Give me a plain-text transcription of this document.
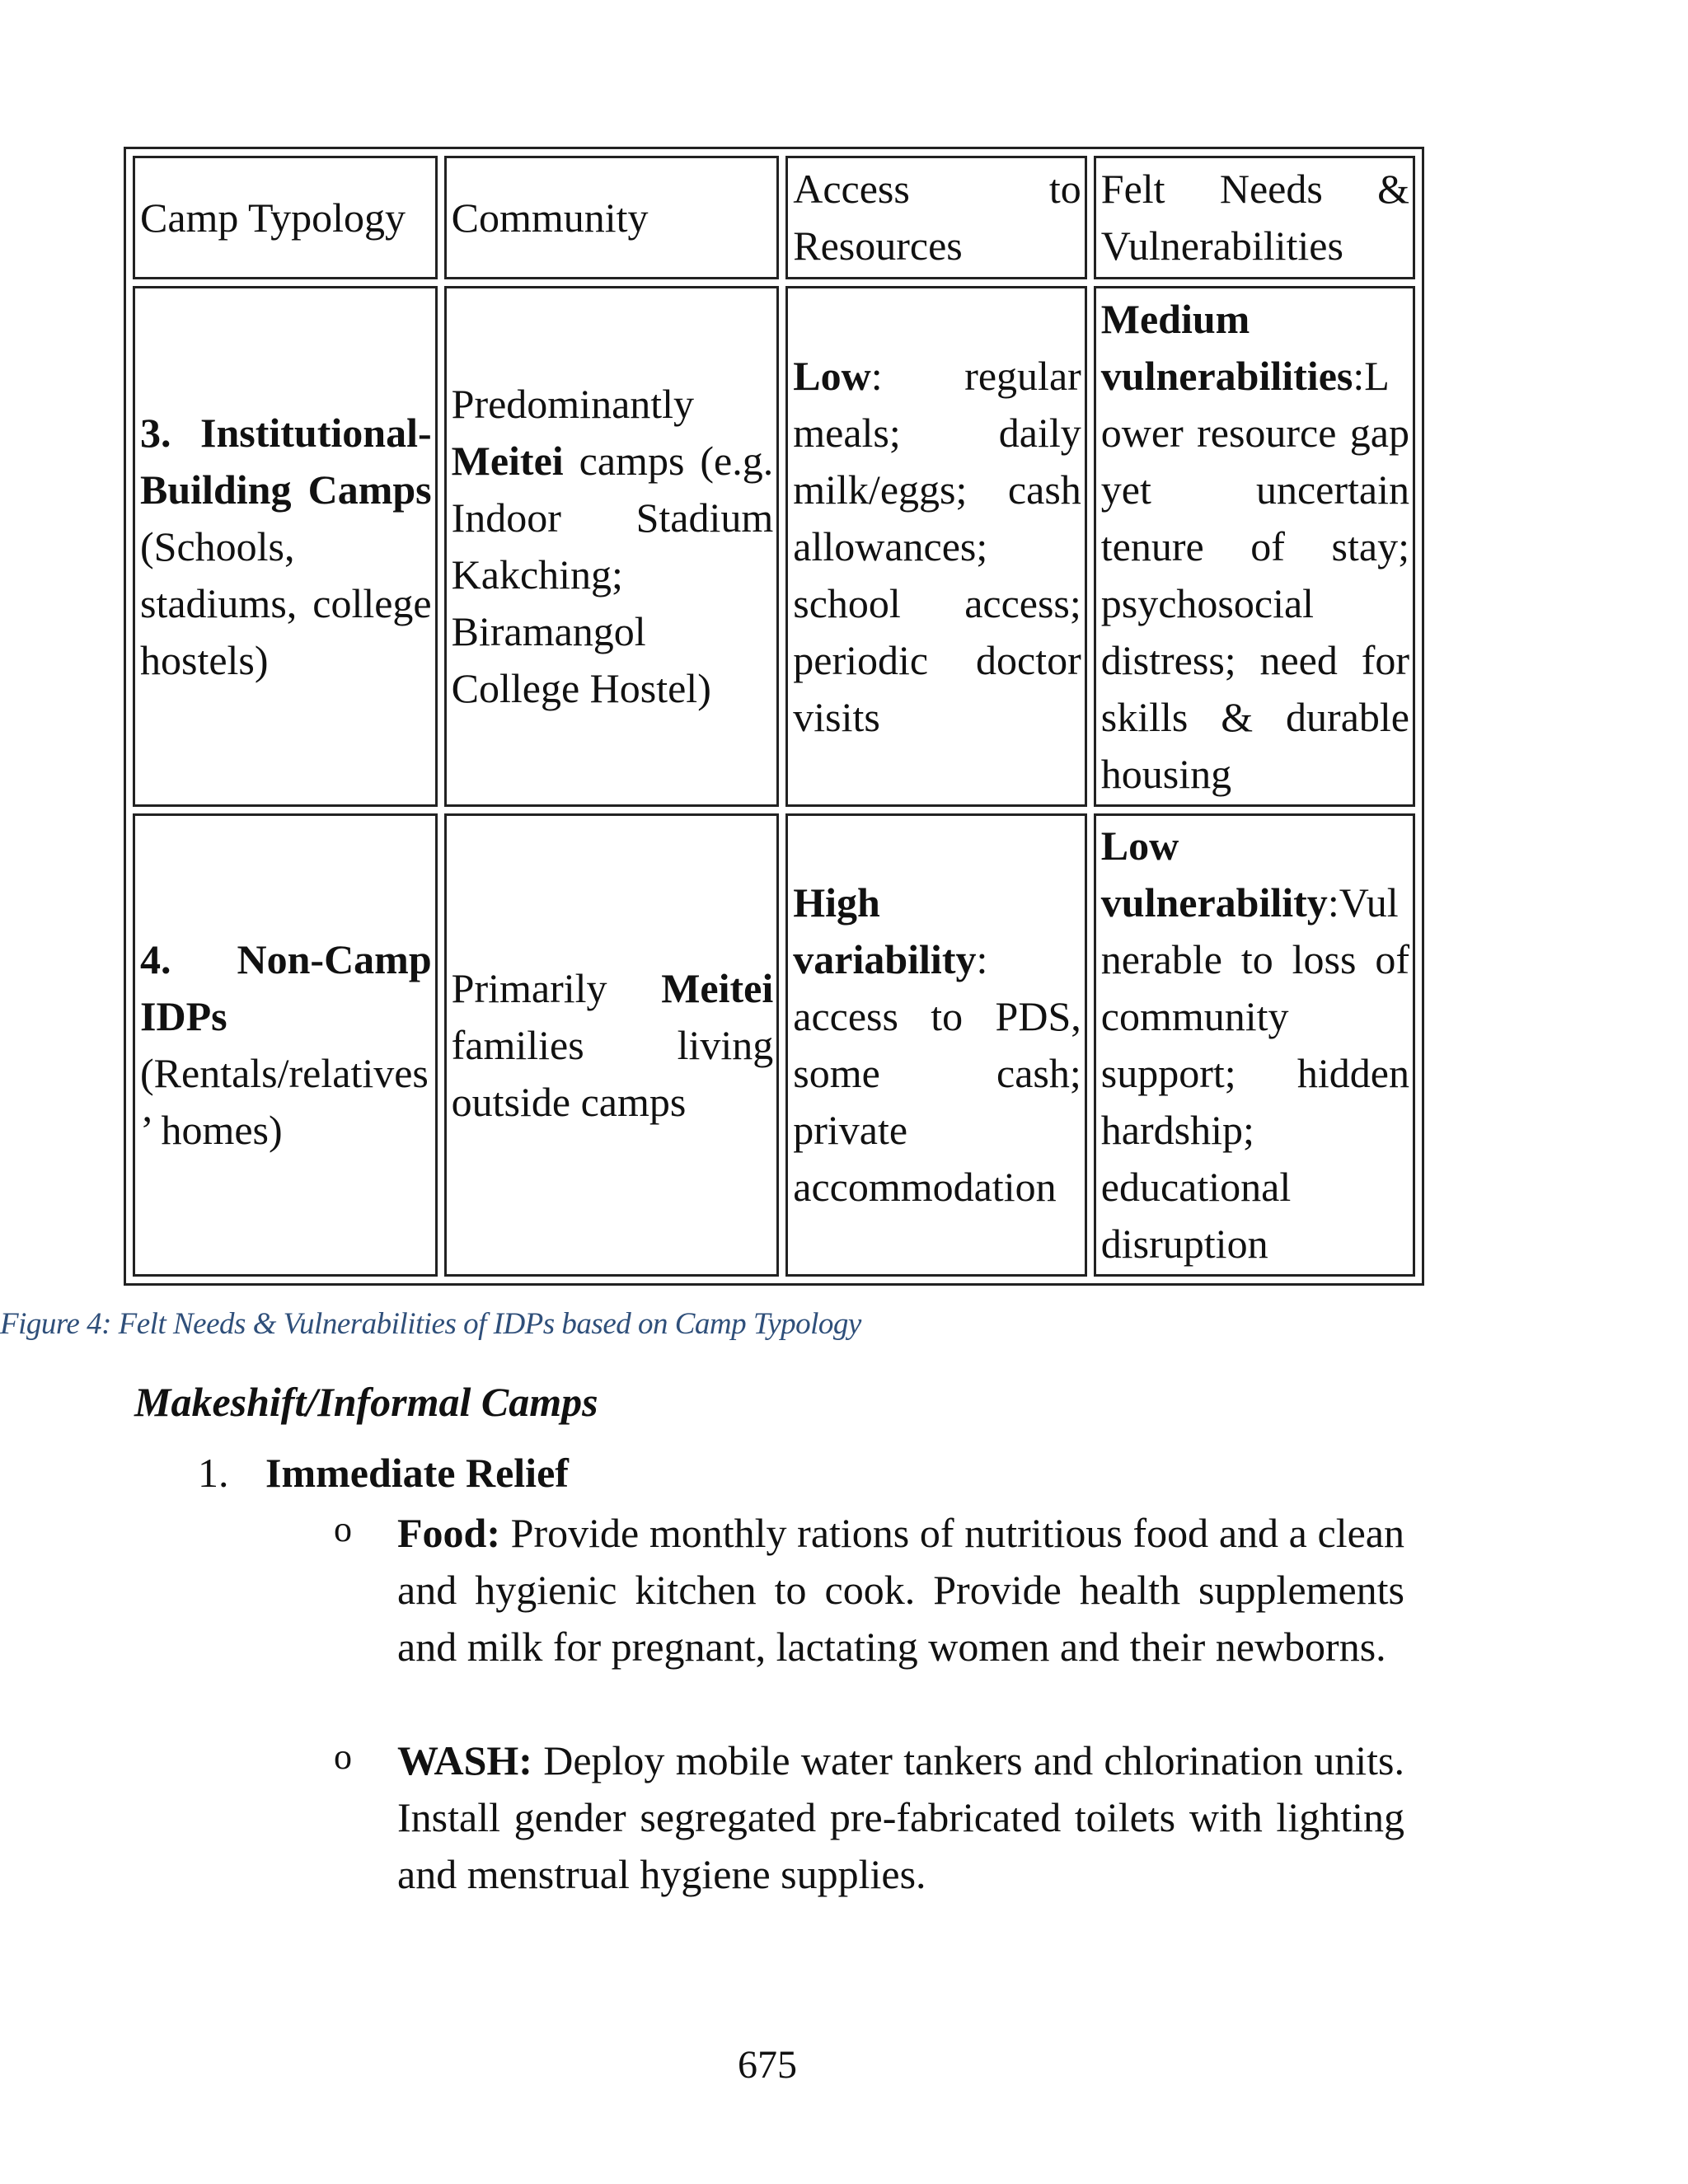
Camp Typology	Community	Access to Resources	Felt Needs & Vulnerabilities
3. Institutional-Building Camps (Schools, stadiums, college hostels)	Predominantly Meitei camps (e.g. Indoor Stadium Kakching; Biramangol College Hostel)	Low: regular meals; daily milk/eggs; cash allowances; school access; periodic doctor visits	Medium vulnerabilities:Lower resource gap yet uncertain tenure of stay; psychosocial distress; need for skills & durable housing
4. Non-Camp IDPs (Rentals/relatives’ homes)	Primarily Meitei families living outside camps	High variability: access to PDS, some cash; private accommodation	Low vulnerability:Vulnerable to loss of community support; hidden hardship; educational disruption
Figure 4: Felt Needs & Vulnerabilities of IDPs based on Camp Typology
Makeshift/Informal Camps
1. Immediate Relief
o Food: Provide monthly rations of nutritious food and a clean and hygienic kitchen to cook. Provide health supplements and milk for pregnant, lactating women and their newborns.
o WASH: Deploy mobile water tankers and chlorination units. Install gender segregated pre-fabricated toilets with lighting and menstrual hygiene supplies.
675
